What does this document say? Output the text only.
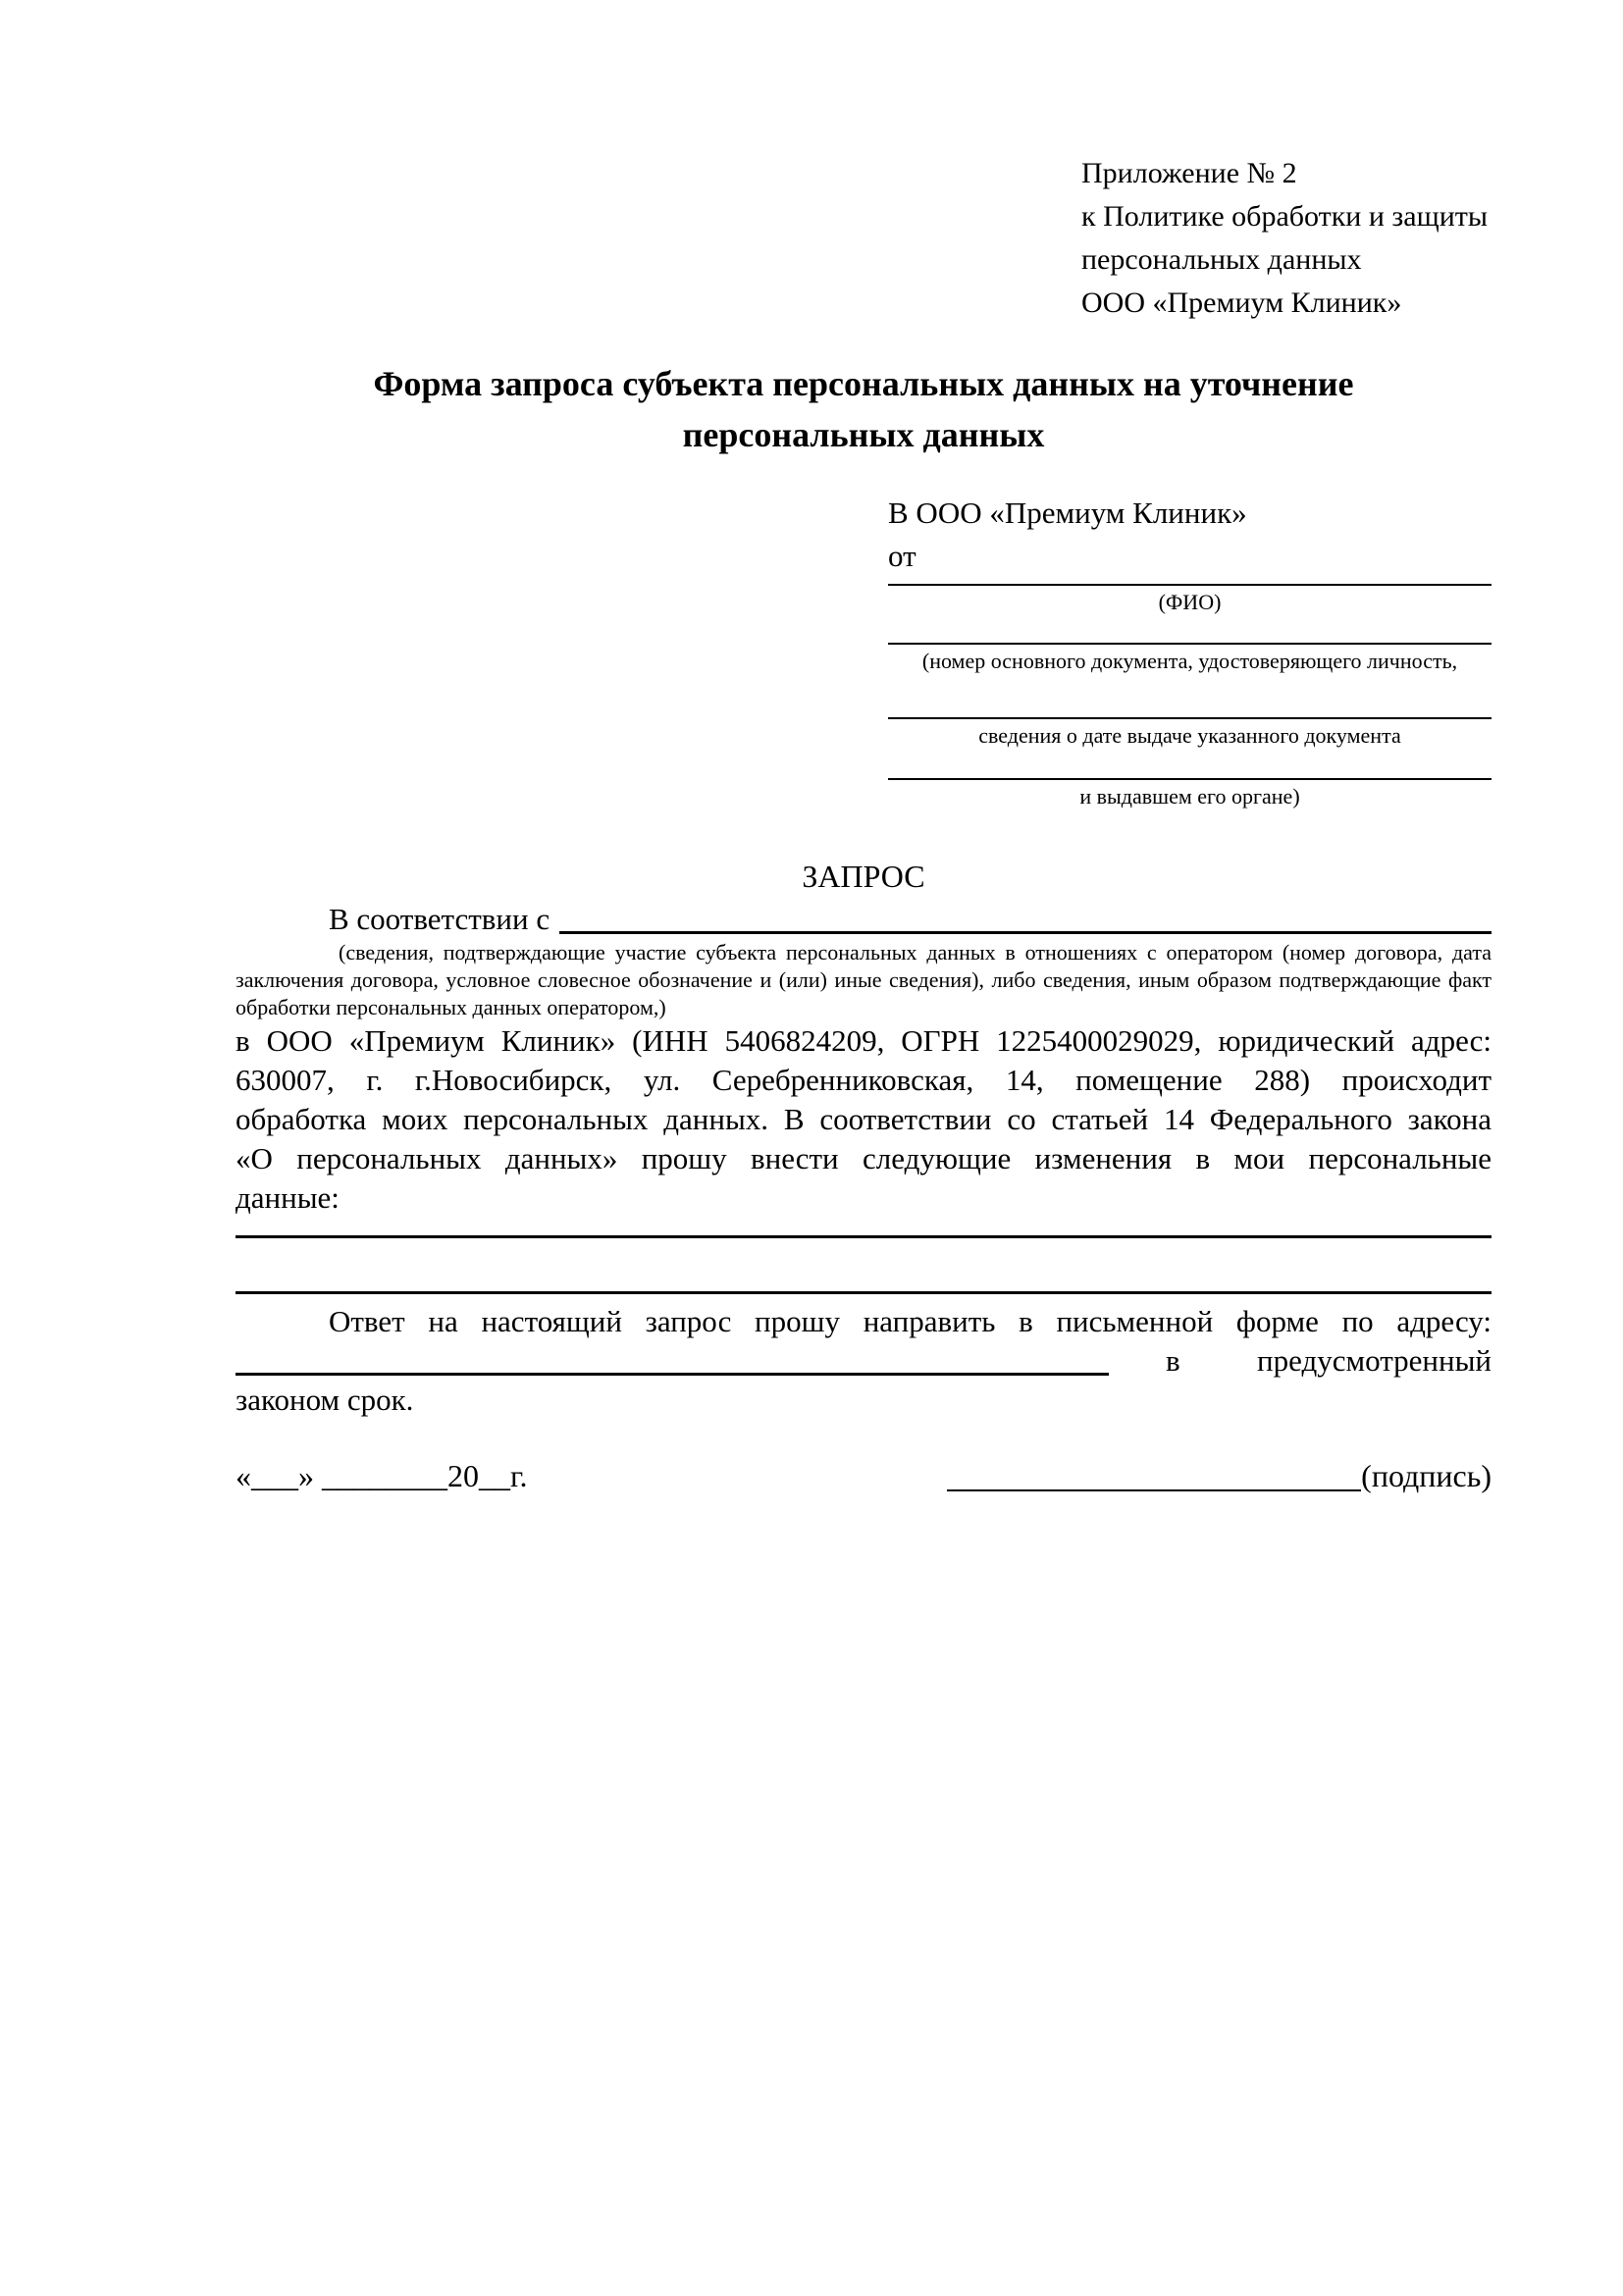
Приложение № 2
к Политике обработки и защиты
персональных данных
ООО «Премиум Клиник»
Форма запроса субъекта персональных данных на уточнение
персональных данных
В ООО «Премиум Клиник»
от
(ФИО)
(номер основного документа, удостоверяющего личность,
сведения о дате выдаче указанного документа
и выдавшем его органе)
ЗАПРОС
В соответствии с
(сведения, подтверждающие участие субъекта персональных данных в отношениях с оператором (номер договора, дата
заключения договора, условное словесное обозначение и (или) иные сведения), либо сведения, иным образом подтверждающие факт
обработки персональных данных оператором,)
в ООО «Премиум Клиник» (ИНН 5406824209, ОГРН 1225400029029, юридический адрес:
630007, г. г.Новосибирск, ул. Серебренниковская, 14, помещение 288) происходит
обработка моих персональных данных. В соответствии со статьей 14 Федерального закона
«О персональных данных» прошу внести следующие изменения в мои персональные
данные:
Ответ на настоящий запрос прошу направить в письменной форме по адресу:
в	предусмотренный
законом срок.
«___» ________20__г.	(подпись)
